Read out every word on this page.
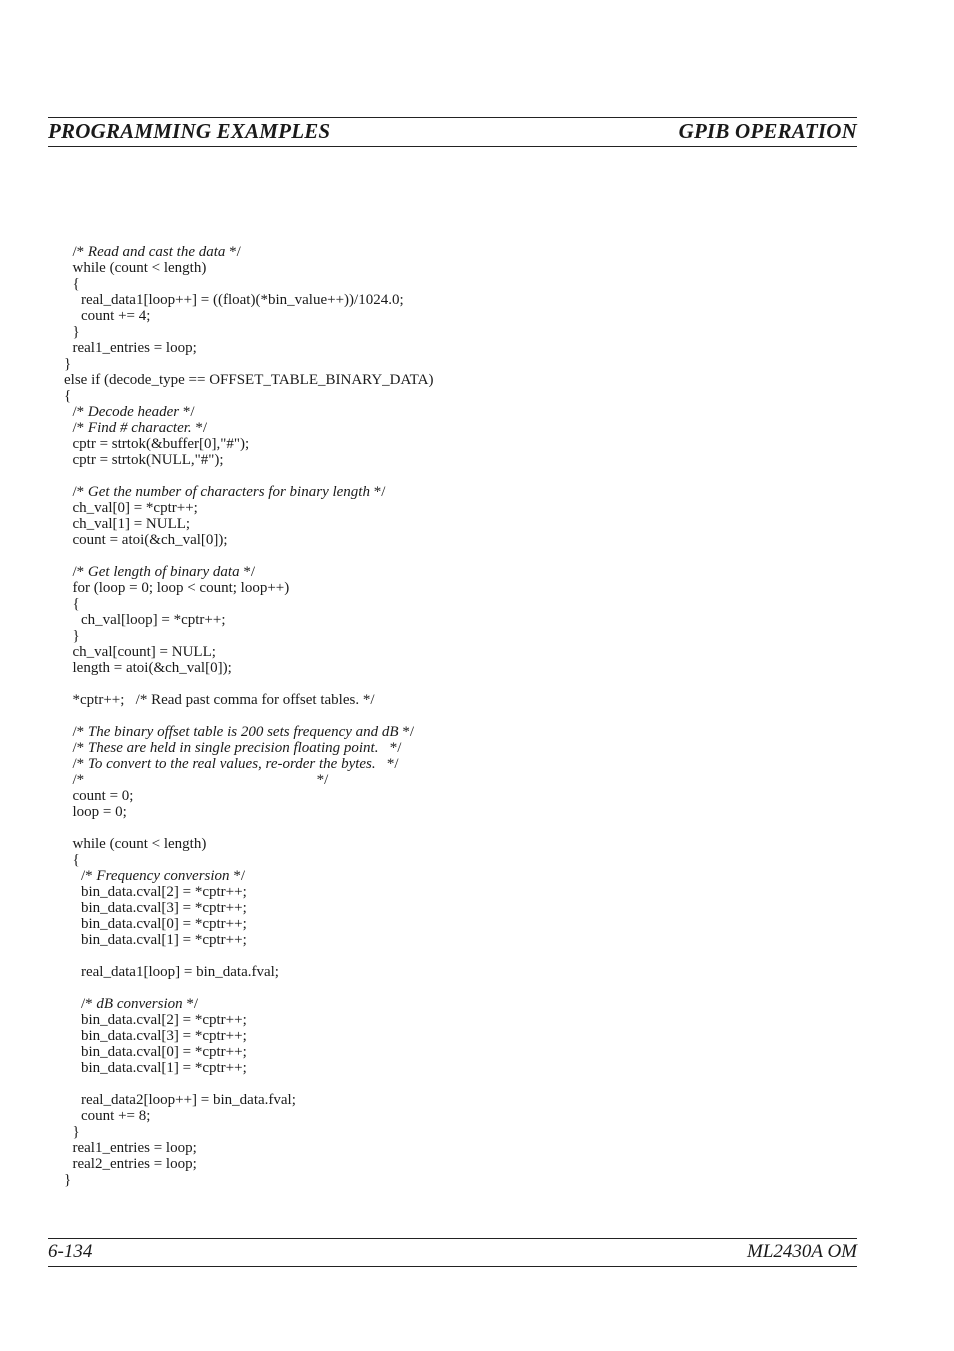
PROGRAMMING EXAMPLES	GPIB OPERATION
/* Read and cast the data */
while (count < length)
{
real_data1[loop++] = ((float)(*bin_value++))/1024.0;
count += 4;
}
real1_entries = loop;
}
else if (decode_type == OFFSET_TABLE_BINARY_DATA)
{
/* Decode header */
/* Find # character. */
cptr = strtok(&buffer[0],"#");
cptr = strtok(NULL,"#");
/* Get the number of characters for binary length */
ch_val[0] = *cptr++;
ch_val[1] = NULL;
count = atoi(&ch_val[0]);
/* Get length of binary data */
for (loop = 0; loop < count; loop++)
{
ch_val[loop] = *cptr++;
}
ch_val[count] = NULL;
length = atoi(&ch_val[0]);
*cptr++;   /* Read past comma for offset tables. */
/* The binary offset table is 200 sets frequency and dB */
/* These are held in single precision floating point.   */
/* To convert to the real values, re-order the bytes.   */
/*                                                              */
count = 0;
loop = 0;
while (count < length)
{
/* Frequency conversion */
bin_data.cval[2] = *cptr++;
bin_data.cval[3] = *cptr++;
bin_data.cval[0] = *cptr++;
bin_data.cval[1] = *cptr++;
real_data1[loop] = bin_data.fval;
/* dB conversion */
bin_data.cval[2] = *cptr++;
bin_data.cval[3] = *cptr++;
bin_data.cval[0] = *cptr++;
bin_data.cval[1] = *cptr++;
real_data2[loop++] = bin_data.fval;
count += 8;
}
real1_entries = loop;
real2_entries = loop;
}
6-134	ML2430A OM
